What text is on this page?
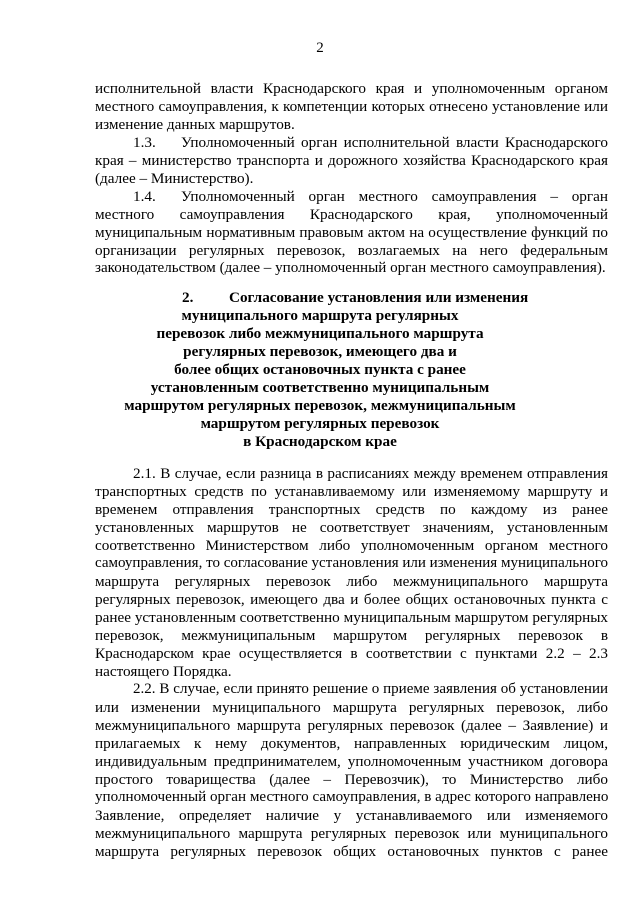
2
исполнительной власти Краснодарского края и уполномоченным органом
местного самоуправления, к компетенции которых отнесено установление или
изменение данных маршрутов.
1.3. Уполномоченный орган исполнительной власти Краснодарского
края – министерство транспорта и дорожного хозяйства Краснодарского края
(далее – Министерство).
1.4. Уполномоченный орган местного самоуправления – орган
местного самоуправления Краснодарского края, уполномоченный
муниципальным нормативным правовым актом на осуществление функций по
организации регулярных перевозок, возлагаемых на него федеральным
законодательством (далее – уполномоченный орган местного самоуправления).
2. Согласование установления или изменения
муниципального маршрута регулярных
перевозок либо межмуниципального маршрута
регулярных перевозок, имеющего два и
более общих остановочных пункта с ранее
установленным соответственно муниципальным
маршрутом регулярных перевозок, межмуниципальным
маршрутом регулярных перевозок
в Краснодарском крае
2.1. В случае, если разница в расписаниях между временем отправления
транспортных средств по устанавливаемому или изменяемому маршруту и
временем отправления транспортных средств по каждому из ранее
установленных маршрутов не соответствует значениям, установленным
соответственно Министерством либо уполномоченным органом местного
самоуправления, то согласование установления или изменения муниципального
маршрута регулярных перевозок либо межмуниципального маршрута
регулярных перевозок, имеющего два и более общих остановочных пункта с
ранее установленным соответственно муниципальным маршрутом регулярных
перевозок, межмуниципальным маршрутом регулярных перевозок в
Краснодарском крае осуществляется в соответствии с пунктами 2.2 – 2.3
настоящего Порядка.
2.2. В случае, если принято решение о приеме заявления об установлении
или изменении муниципального маршрута регулярных перевозок, либо
межмуниципального маршрута регулярных перевозок (далее – Заявление) и
прилагаемых к нему документов, направленных юридическим лицом,
индивидуальным предпринимателем, уполномоченным участником договора
простого товарищества (далее – Перевозчик), то Министерство либо
уполномоченный орган местного самоуправления, в адрес которого направлено
Заявление, определяет наличие у устанавливаемого или изменяемого
межмуниципального маршрута регулярных перевозок или муниципального
маршрута регулярных перевозок общих остановочных пунктов с ранее
